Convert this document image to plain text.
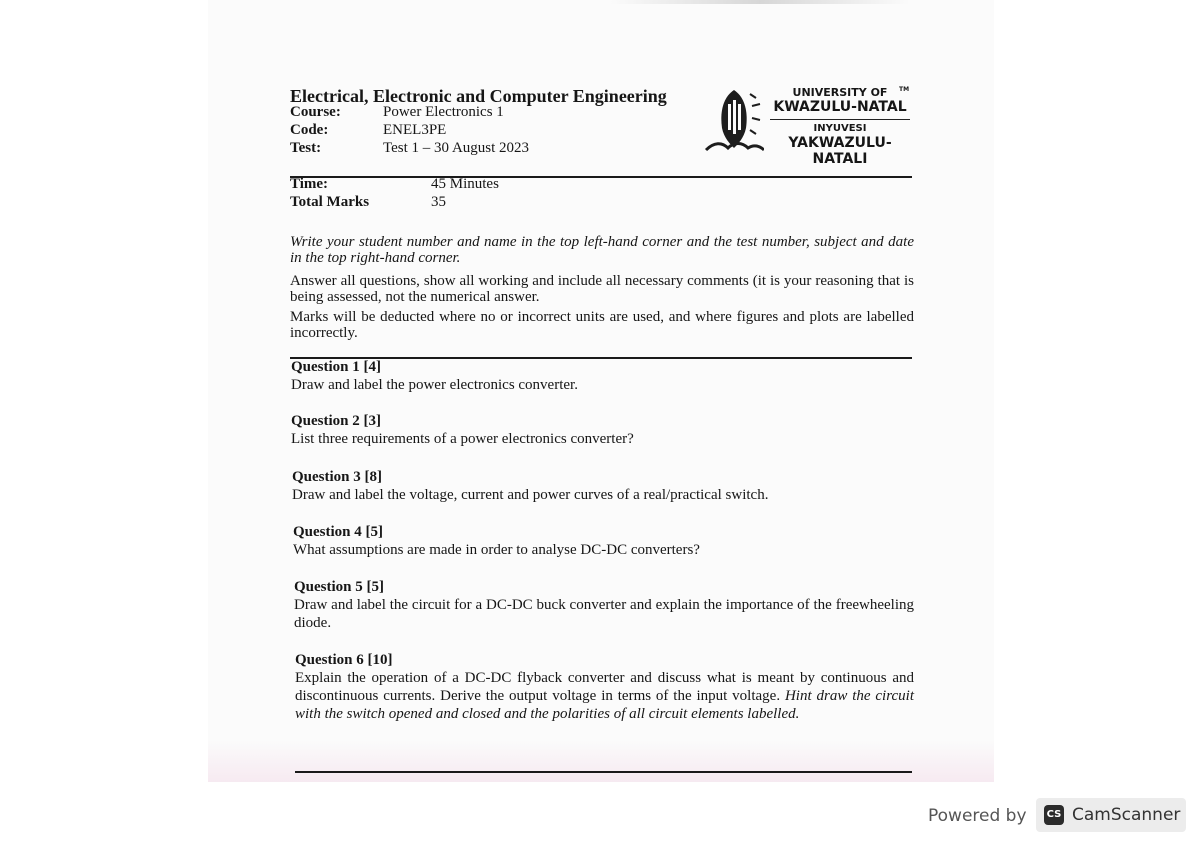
Electrical, Electronic and Computer Engineering
Course:	Power Electronics 1
Code:	ENEL3PE
Test:	Test 1 – 30 August 2023
UNIVERSITY OF
KWAZULU-NATAL
INYUVESI
YAKWAZULU-NATALI
TM
Time:	45 Minutes
Total Marks	35
Write your student number and name in the top left-hand corner and the test number, subject and date in the top right-hand corner.
Answer all questions, show all working and include all necessary comments (it is your reasoning that is being assessed, not the numerical answer.
Marks will be deducted where no or incorrect units are used, and where figures and plots are labelled incorrectly.
Question 1 [4]
Draw and label the power electronics converter.
Question 2 [3]
List three requirements of a power electronics converter?
Question 3 [8]
Draw and label the voltage, current and power curves of a real/practical switch.
Question 4 [5]
What assumptions are made in order to analyse DC-DC converters?
Question 5 [5]
Draw and label the circuit for a DC-DC buck converter and explain the importance of the freewheeling diode.
Question 6 [10]
Explain the operation of a DC-DC flyback converter and discuss what is meant by continuous and discontinuous currents. Derive the output voltage in terms of the input voltage. Hint draw the circuit with the switch opened and closed and the polarities of all circuit elements labelled.
Powered by CS CamScanner
